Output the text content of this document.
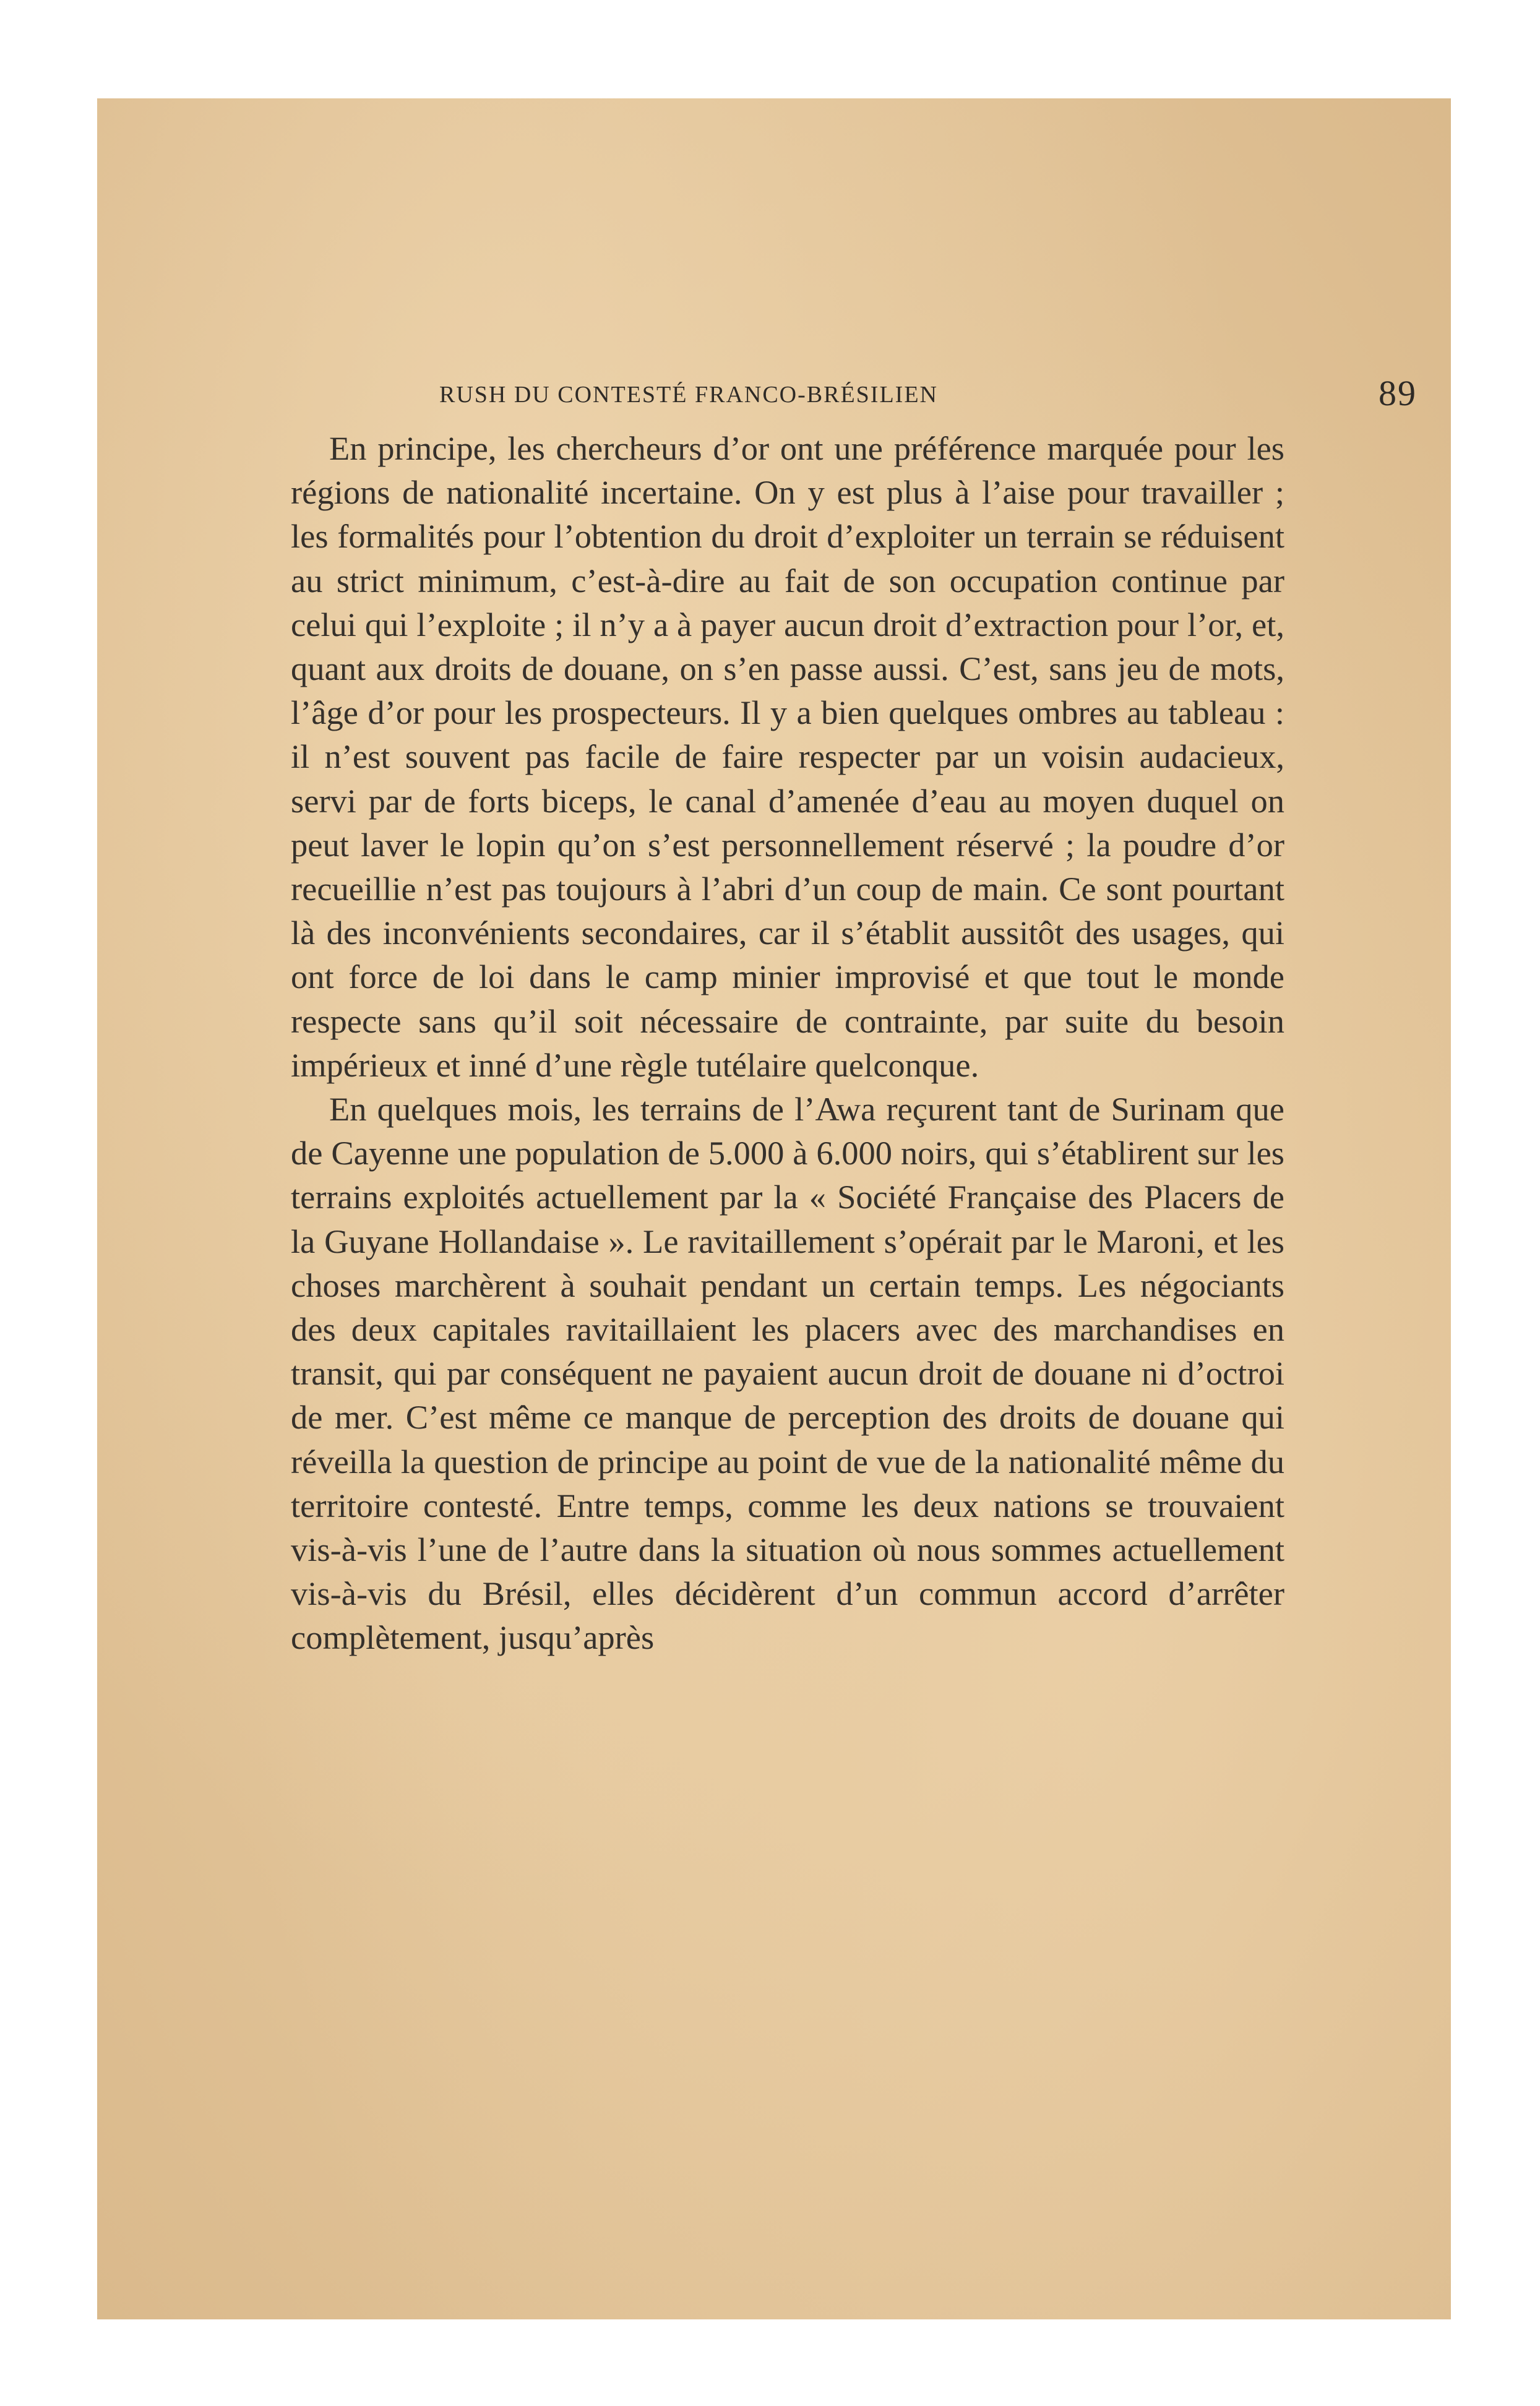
RUSH DU CONTESTÉ FRANCO-BRÉSILIEN	89

En principe, les chercheurs d’or ont une préférence marquée pour les régions de nationalité incertaine. On y est plus à l’aise pour travailler ; les formalités pour l’obtention du droit d’exploiter un terrain se réduisent au strict minimum, c’est-à-dire au fait de son occupation continue par celui qui l’exploite ; il n’y a à payer aucun droit d’extraction pour l’or, et, quant aux droits de douane, on s’en passe aussi. C’est, sans jeu de mots, l’âge d’or pour les prospecteurs. Il y a bien quelques ombres au tableau : il n’est souvent pas facile de faire respecter par un voisin audacieux, servi par de forts biceps, le canal d’amenée d’eau au moyen duquel on peut laver le lopin qu’on s’est personnellement réservé ; la poudre d’or recueillie n’est pas toujours à l’abri d’un coup de main. Ce sont pourtant là des inconvénients secondaires, car il s’établit aussitôt des usages, qui ont force de loi dans le camp minier improvisé et que tout le monde respecte sans qu’il soit nécessaire de contrainte, par suite du besoin impérieux et inné d’une règle tutélaire quelconque.

En quelques mois, les terrains de l’Awa reçurent tant de Surinam que de Cayenne une population de 5.000 à 6.000 noirs, qui s’établirent sur les terrains exploités actuellement par la « Société Française des Placers de la Guyane Hollandaise ». Le ravitaillement s’opérait par le Maroni, et les choses marchèrent à souhait pendant un certain temps. Les négociants des deux capitales ravitaillaient les placers avec des marchandises en transit, qui par conséquent ne payaient aucun droit de douane ni d’octroi de mer. C’est même ce manque de perception des droits de douane qui réveilla la question de principe au point de vue de la nationalité même du territoire contesté. Entre temps, comme les deux nations se trouvaient vis-à-vis l’une de l’autre dans la situation où nous sommes actuellement vis-à-vis du Brésil, elles décidèrent d’un commun accord d’arrêter complètement, jusqu’après
